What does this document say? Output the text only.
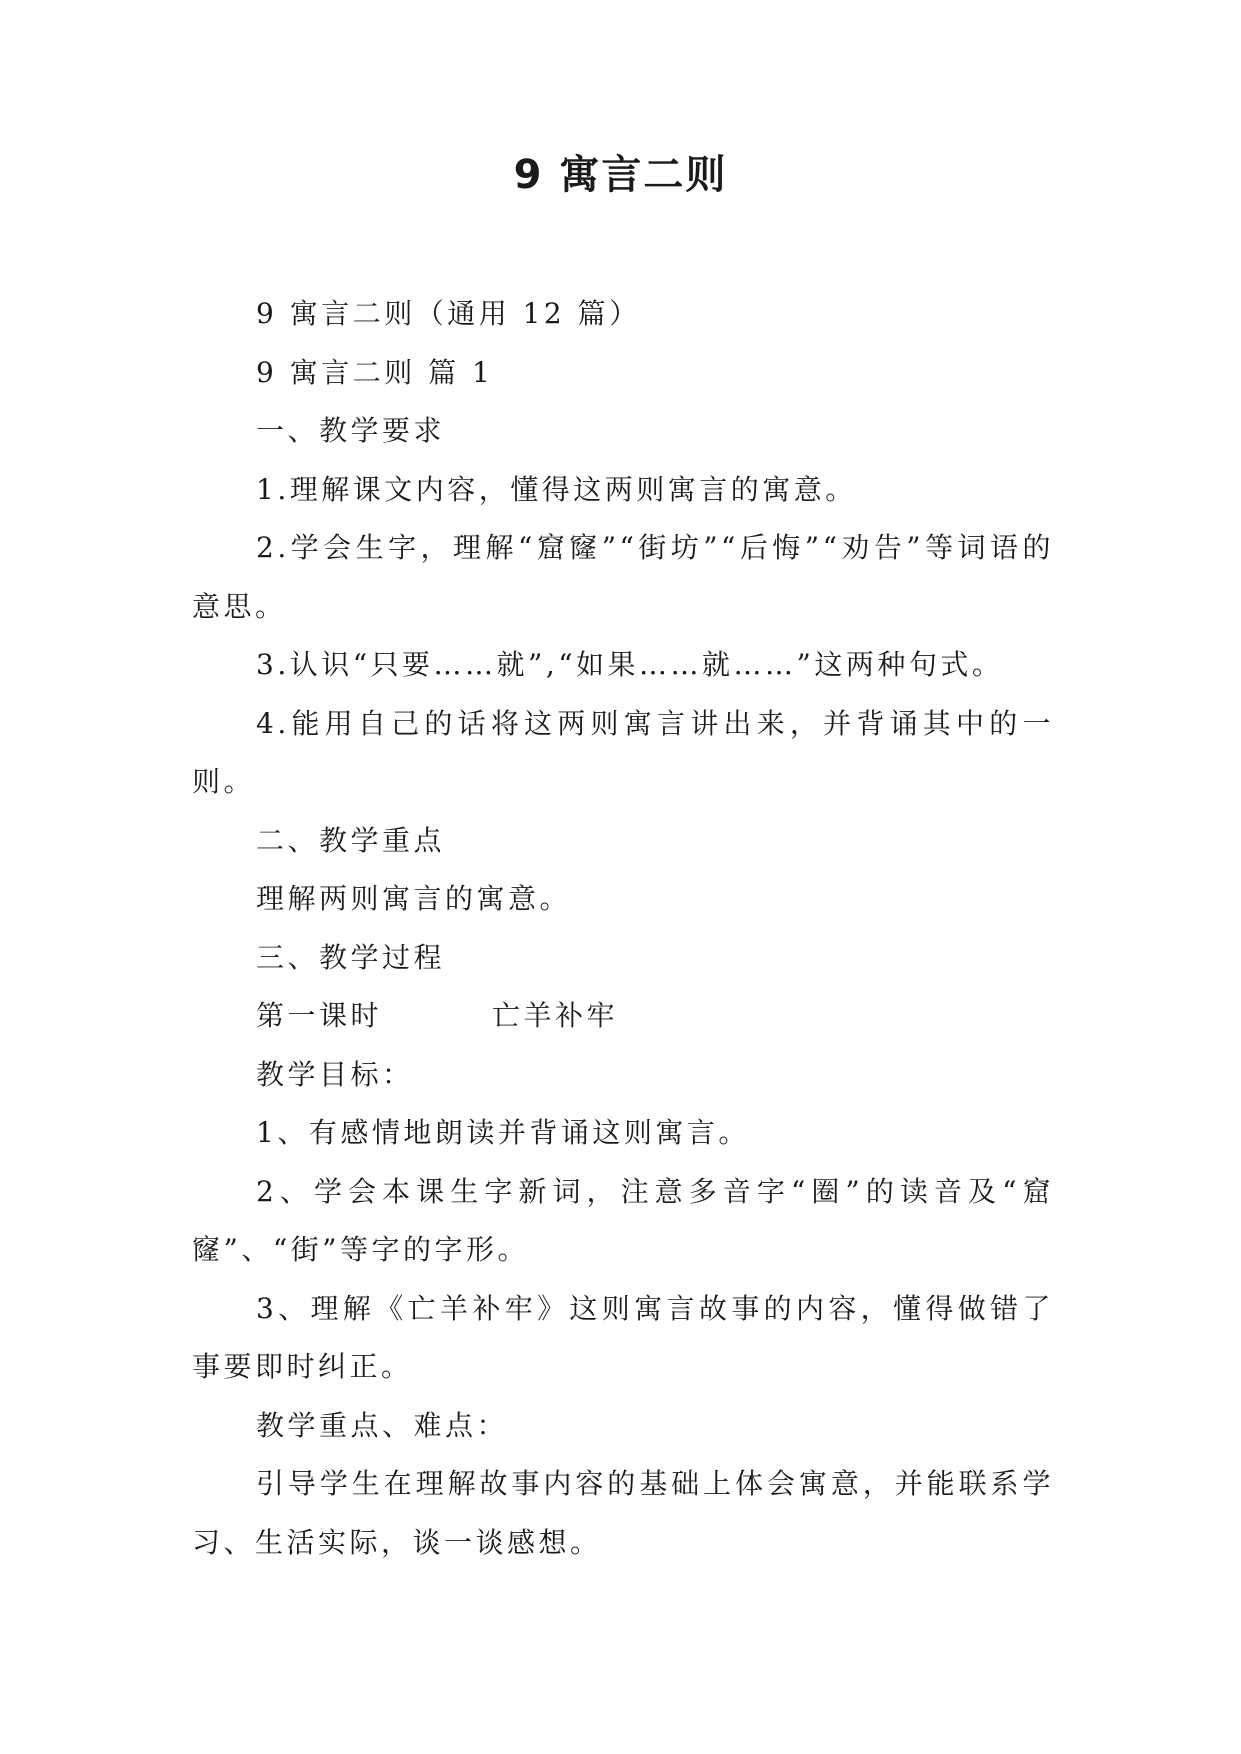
9 寓言二则

9 寓言二则（通用 12 篇）

9 寓言二则 篇 1

一、教学要求

1.理解课文内容，懂得这两则寓言的寓意。

2.学会生字，理解“窟窿”“街坊”“后悔”“劝告”等词语的意思。

3.认识“只要……就”,“如果……就……”这两种句式。

4.能用自己的话将这两则寓言讲出来，并背诵其中的一则。

二、教学重点

理解两则寓言的寓意。

三、教学过程

第一课时	亡羊补牢

教学目标：

1、有感情地朗读并背诵这则寓言。

2、学会本课生字新词，注意多音字“圈”的读音及“窟窿”、“街”等字的字形。

3、理解《亡羊补牢》这则寓言故事的内容，懂得做错了事要即时纠正。

教学重点、难点：

引导学生在理解故事内容的基础上体会寓意，并能联系学习、生活实际，谈一谈感想。
